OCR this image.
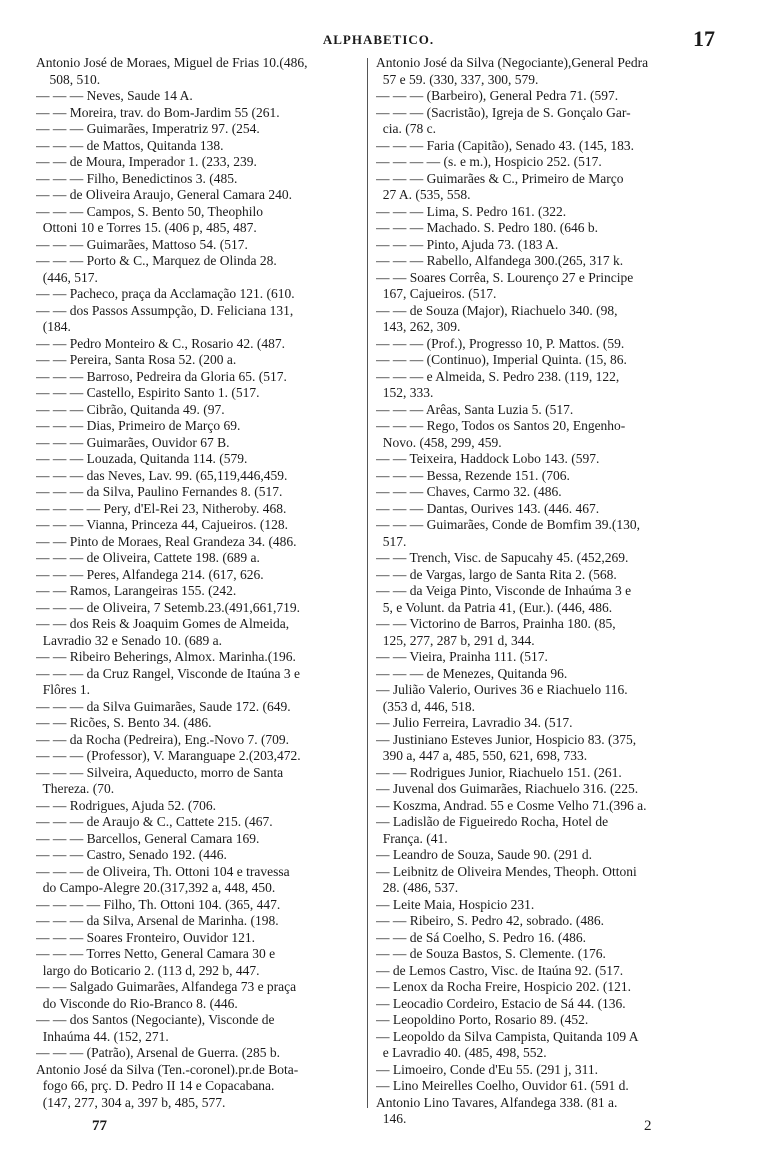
ALPHABETICO.	17
Antonio José de Moraes, Miguel de Frias 10.(486,
508, 510.
— — — Neves, Saude 14 A.
— — Moreira, trav. do Bom-Jardim 55 (261.
— — — Guimarães, Imperatriz 97. (254.
— — — de Mattos, Quitanda 138.
— — de Moura, Imperador 1. (233, 239.
— — — Filho, Benedictinos 3. (485.
— — de Oliveira Araujo, General Camara 240.
— — — Campos, S. Bento 50, Theophilo
Ottoni 10 e Torres 15. (406 p, 485, 487.
— — — Guimarães, Mattoso 54. (517.
— — — Porto & C., Marquez de Olinda 28.
(446, 517.
— — Pacheco, praça da Acclamação 121. (610.
— — dos Passos Assumpção, D. Feliciana 131,
(184.
— — Pedro Monteiro & C., Rosario 42. (487.
— — Pereira, Santa Rosa 52. (200 a.
— — — Barroso, Pedreira da Gloria 65. (517.
— — — Castello, Espirito Santo 1. (517.
— — — Cibrão, Quitanda 49. (97.
— — — Dias, Primeiro de Março 69.
— — — Guimarães, Ouvidor 67 B.
— — — Louzada, Quitanda 114. (579.
— — — das Neves, Lav. 99. (65,119,446,459.
— — — da Silva, Paulino Fernandes 8. (517.
— — — — Pery, d'El-Rei 23, Nitheroby. 468.
— — — Vianna, Princeza 44, Cajueiros. (128.
— — Pinto de Moraes, Real Grandeza 34. (486.
— — — de Oliveira, Cattete 198. (689 a.
— — — Peres, Alfandega 214. (617, 626.
— — Ramos, Larangeiras 155. (242.
— — — de Oliveira, 7 Setemb.23.(491,661,719.
— — dos Reis & Joaquim Gomes de Almeida,
Lavradio 32 e Senado 10. (689 a.
— — Ribeiro Beherings, Almox. Marinha.(196.
— — — da Cruz Rangel, Visconde de Itaúna 3 e
Flôres 1.
— — — da Silva Guimarães, Saude 172. (649.
— — Ricões, S. Bento 34. (486.
— — da Rocha (Pedreira), Eng.-Novo 7. (709.
— — — (Professor), V. Maranguape 2.(203,472.
— — — Silveira, Aqueducto, morro de Santa
Thereza. (70.
— — Rodrigues, Ajuda 52. (706.
— — — de Araujo & C., Cattete 215. (467.
— — — Barcellos, General Camara 169.
— — — Castro, Senado 192. (446.
— — — de Oliveira, Th. Ottoni 104 e travessa
do Campo-Alegre 20.(317,392 a, 448, 450.
— — — — Filho, Th. Ottoni 104. (365, 447.
— — — da Silva, Arsenal de Marinha. (198.
— — — Soares Fronteiro, Ouvidor 121.
— — — Torres Netto, General Camara 30 e
largo do Boticario 2. (113 d, 292 b, 447.
— — Salgado Guimarães, Alfandega 73 e praça
do Visconde do Rio-Branco 8. (446.
— — dos Santos (Negociante), Visconde de
Inhaúma 44. (152, 271.
— — — (Patrão), Arsenal de Guerra. (285 b.
Antonio José da Silva (Ten.-coronel).pr.de Bota-
fogo 66, prç. D. Pedro II 14 e Copacabana.
(147, 277, 304 a, 397 b, 485, 577.
Antonio José da Silva (Negociante),General Pedra
57 e 59. (330, 337, 300, 579.
— — — (Barbeiro), General Pedra 71. (597.
— — — (Sacristão), Igreja de S. Gonçalo Gar-
cia. (78 c.
— — — Faria (Capitão), Senado 43. (145, 183.
— — — — (s. e m.), Hospicio 252. (517.
— — — Guimarães & C., Primeiro de Março
27 A. (535, 558.
— — — Lima, S. Pedro 161. (322.
— — — Machado. S. Pedro 180. (646 b.
— — — Pinto, Ajuda 73. (183 A.
— — — Rabello, Alfandega 300.(265, 317 k.
— — Soares Corrêa, S. Lourenço 27 e Principe
167, Cajueiros. (517.
— — de Souza (Major), Riachuelo 340. (98,
143, 262, 309.
— — — (Prof.), Progresso 10, P. Mattos. (59.
— — — (Continuo), Imperial Quinta. (15, 86.
— — — e Almeida, S. Pedro 238. (119, 122,
152, 333.
— — — Arêas, Santa Luzia 5. (517.
— — — Rego, Todos os Santos 20, Engenho-
Novo. (458, 299, 459.
— — Teixeira, Haddock Lobo 143. (597.
— — — Bessa, Rezende 151. (706.
— — — Chaves, Carmo 32. (486.
— — — Dantas, Ourives 143. (446. 467.
— — — Guimarães, Conde de Bomfim 39.(130,
517.
— — Trench, Visc. de Sapucahy 45. (452,269.
— — de Vargas, largo de Santa Rita 2. (568.
— — da Veiga Pinto, Visconde de Inhaúma 3 e
5, e Volunt. da Patria 41, (Eur.). (446, 486.
— — Victorino de Barros, Prainha 180. (85,
125, 277, 287 b, 291 d, 344.
— — Vieira, Prainha 111. (517.
— — — de Menezes, Quitanda 96.
— Julião Valerio, Ourives 36 e Riachuelo 116.
(353 d, 446, 518.
— Julio Ferreira, Lavradio 34. (517.
— Justiniano Esteves Junior, Hospicio 83. (375,
390 a, 447 a, 485, 550, 621, 698, 733.
— — Rodrigues Junior, Riachuelo 151. (261.
— Juvenal dos Guimarães, Riachuelo 316. (225.
— Koszma, Andrad. 55 e Cosme Velho 71.(396 a.
— Ladislão de Figueiredo Rocha, Hotel de
França. (41.
— Leandro de Souza, Saude 90. (291 d.
— Leibnitz de Oliveira Mendes, Theoph. Ottoni
28. (486, 537.
— Leite Maia, Hospicio 231.
— — Ribeiro, S. Pedro 42, sobrado. (486.
— — de Sá Coelho, S. Pedro 16. (486.
— — de Souza Bastos, S. Clemente. (176.
— de Lemos Castro, Visc. de Itaúna 92. (517.
— Lenox da Rocha Freire, Hospicio 202. (121.
— Leocadio Cordeiro, Estacio de Sá 44. (136.
— Leopoldino Porto, Rosario 89. (452.
— Leopoldo da Silva Campista, Quitanda 109 A
e Lavradio 40. (485, 498, 552.
— Limoeiro, Conde d'Eu 55. (291 j, 311.
— Lino Meirelles Coelho, Ouvidor 61. (591 d.
Antonio Lino Tavares, Alfandega 338. (81 a.
146.
77	2
